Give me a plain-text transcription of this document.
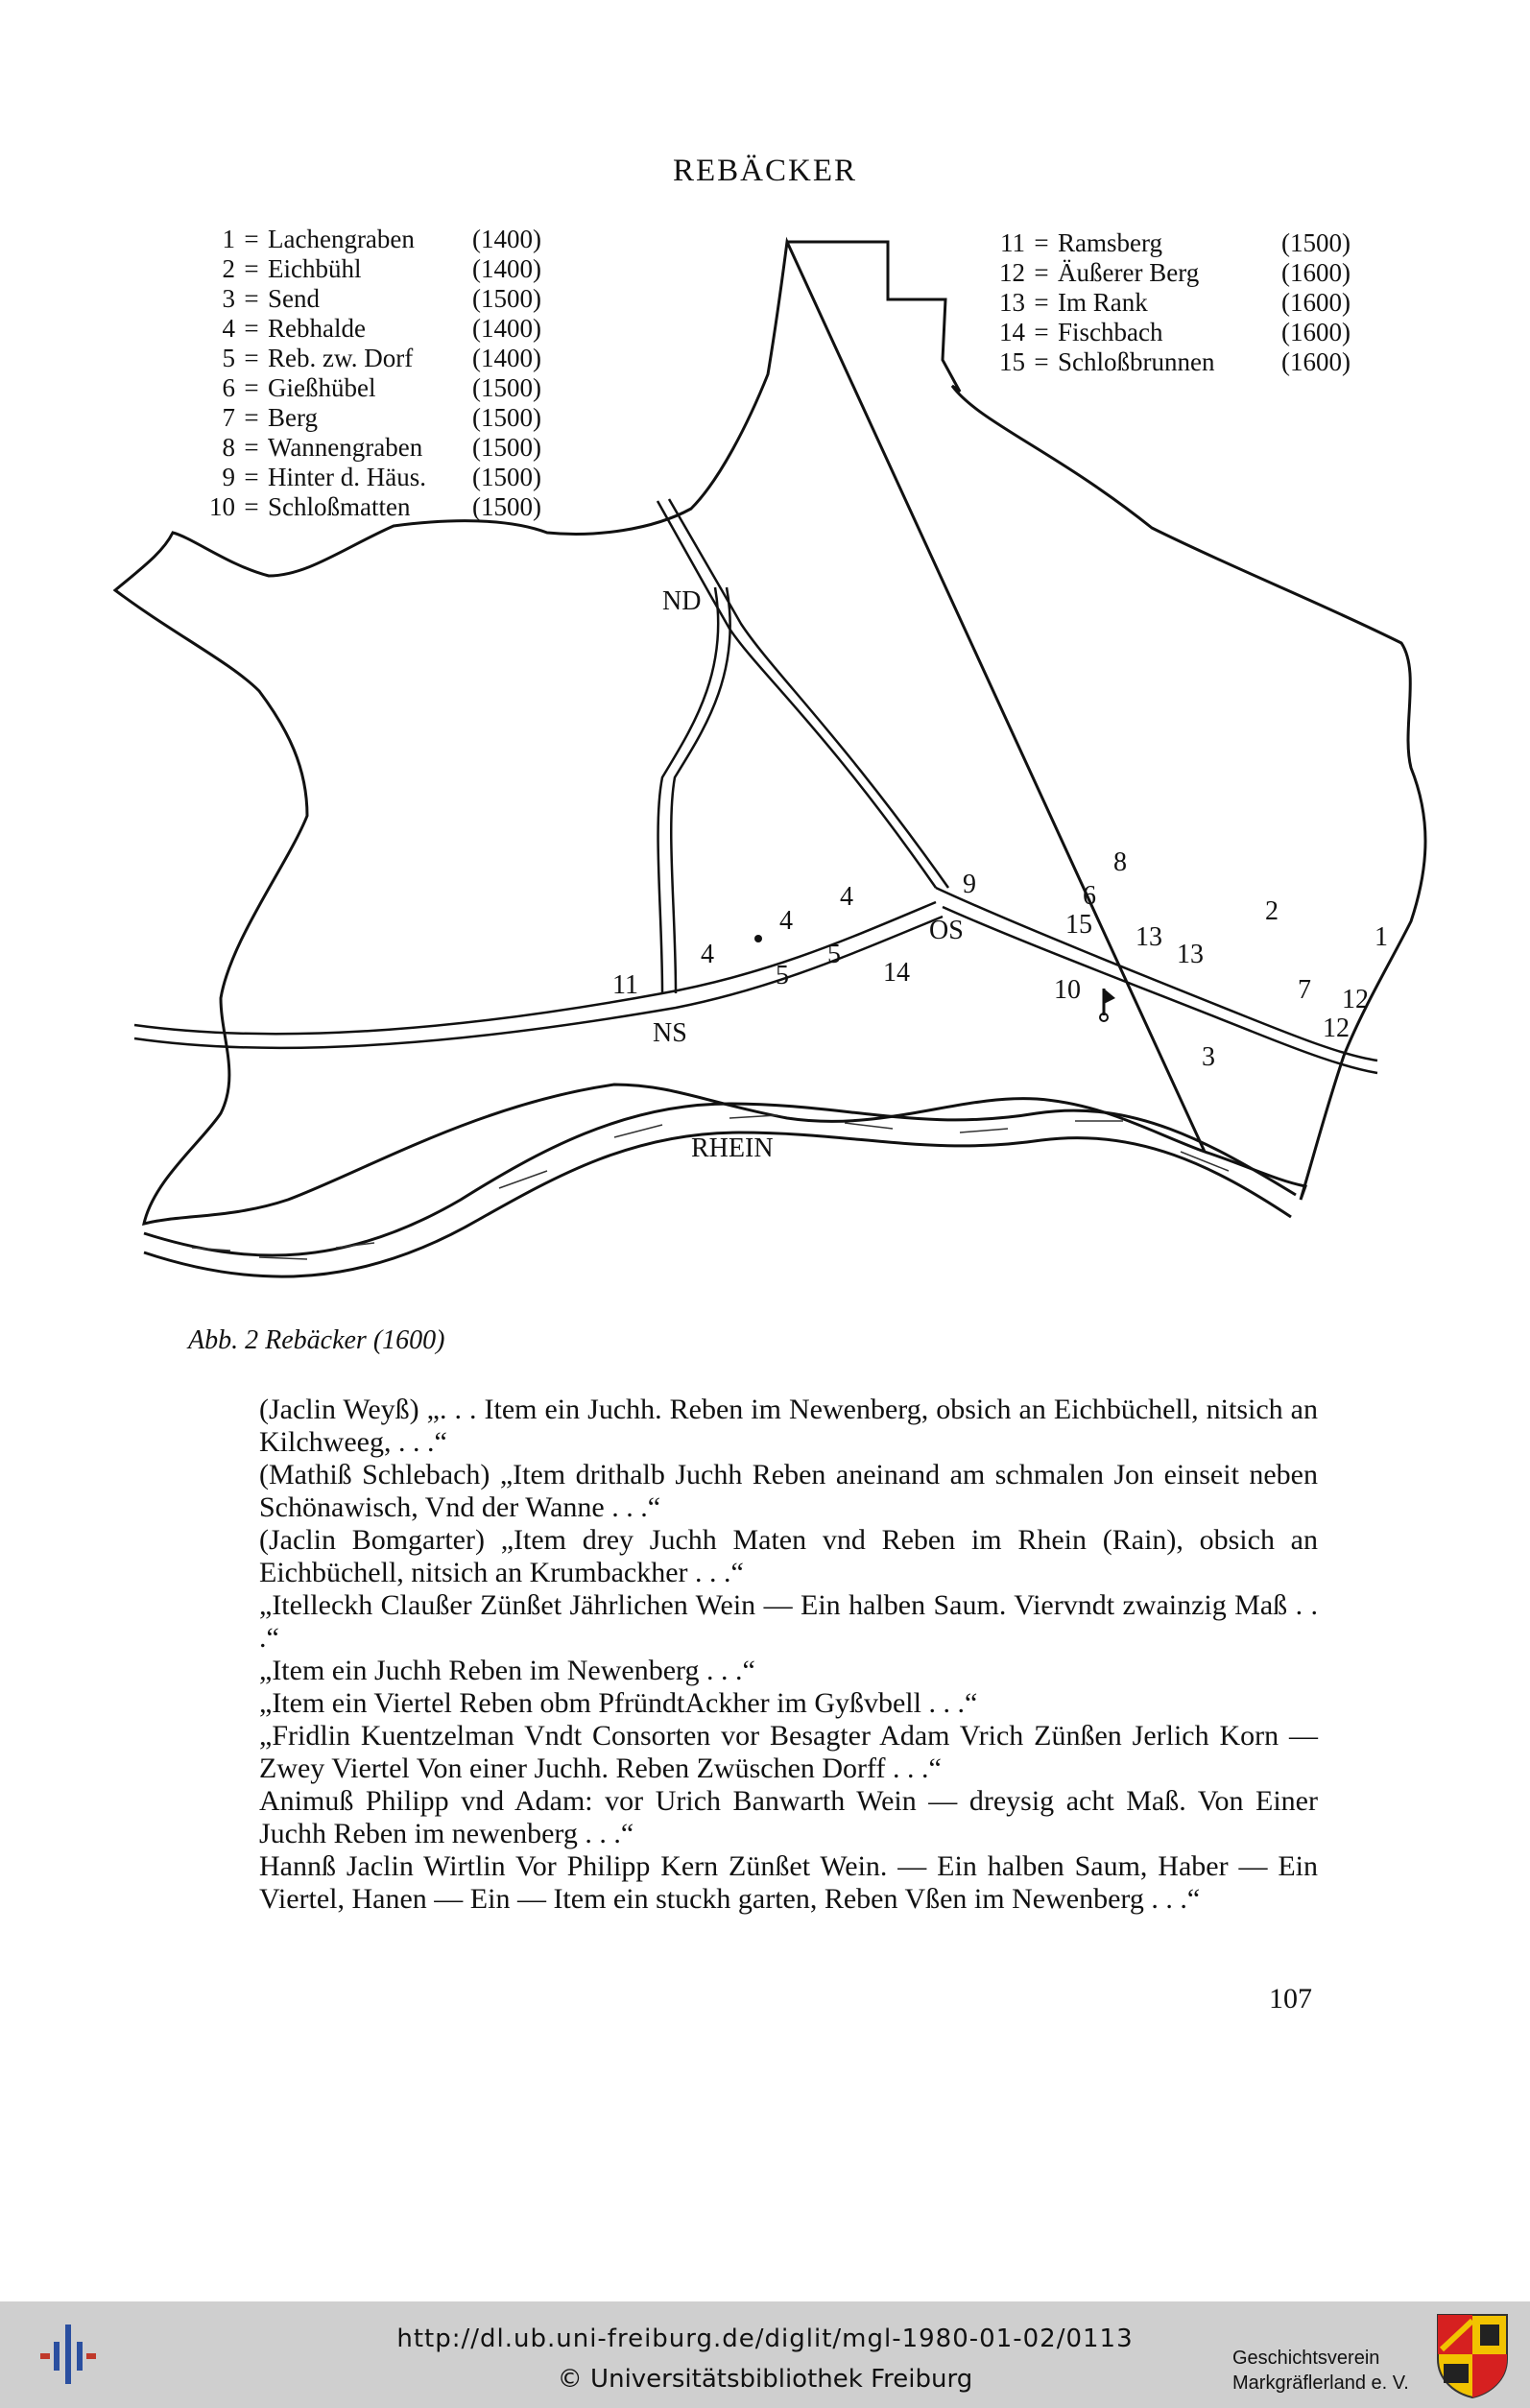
REBÄCKER
1 = Lachengraben	(1400)
2 = Eichbühl	(1400)
3 = Send	(1500)
4 = Rebhalde	(1400)
5 = Reb. zw. Dorf	(1400)
6 = Gießhübel	(1500)
7 = Berg	(1500)
8 = Wannengraben	(1500)
9 = Hinter d. Häus.	(1500)
10 = Schloßmatten	(1500)
11 = Ramsberg	(1500)
12 = Äußerer Berg	(1600)
13 = Im Rank	(1600)
14 = Fischbach	(1600)
15 = Schloßbrunnen	(1600)
ND
NS
OS
RHEIN
1
2
3
4
4
4	5
5
6
7
8
9
10
11	12
12
13
13
14
15
Abb. 2 Rebäcker (1600)

(Jaclin Weyß) „. . . Item ein Juchh. Reben im Newenberg, obsich an Eichbüchell, nitsich an Kilchweeg, . . .“

(Mathiß Schlebach) „Item drithalb Juchh Reben aneinand am schmalen Jon einseit neben Schönawisch, Vnd der Wanne . . .“

(Jaclin Bomgarter) „Item drey Juchh Maten vnd Reben im Rhein (Rain), obsich an Eichbüchell, nitsich an Krumbackher . . .“

„Itelleckh Claußer Zünßet Jährlichen Wein — Ein halben Saum. Viervndt zwainzig Maß . . .“

„Item ein Juchh Reben im Newenberg . . .“

„Item ein Viertel Reben obm PfründtAckher im Gyßvbell . . .“

„Fridlin Kuentzelman Vndt Consorten vor Besagter Adam Vrich Zünßen Jerlich Korn — Zwey Viertel Von einer Juchh. Reben Zwüschen Dorff . . .“

Animuß Philipp vnd Adam: vor Urich Banwarth Wein — dreysig acht Maß. Von Einer Juchh Reben im newenberg . . .“

Hannß Jaclin Wirtlin Vor Philipp Kern Zünßet Wein. — Ein halben Saum, Haber — Ein Viertel, Hanen — Ein — Item ein stuckh garten, Reben Vßen im Newenberg . . .“

107
http://dl.ub.uni-freiburg.de/diglit/mgl-1980-01-02/0113
© Universitätsbibliothek Freiburg
Geschichtsverein
Markgräflerland e. V.
